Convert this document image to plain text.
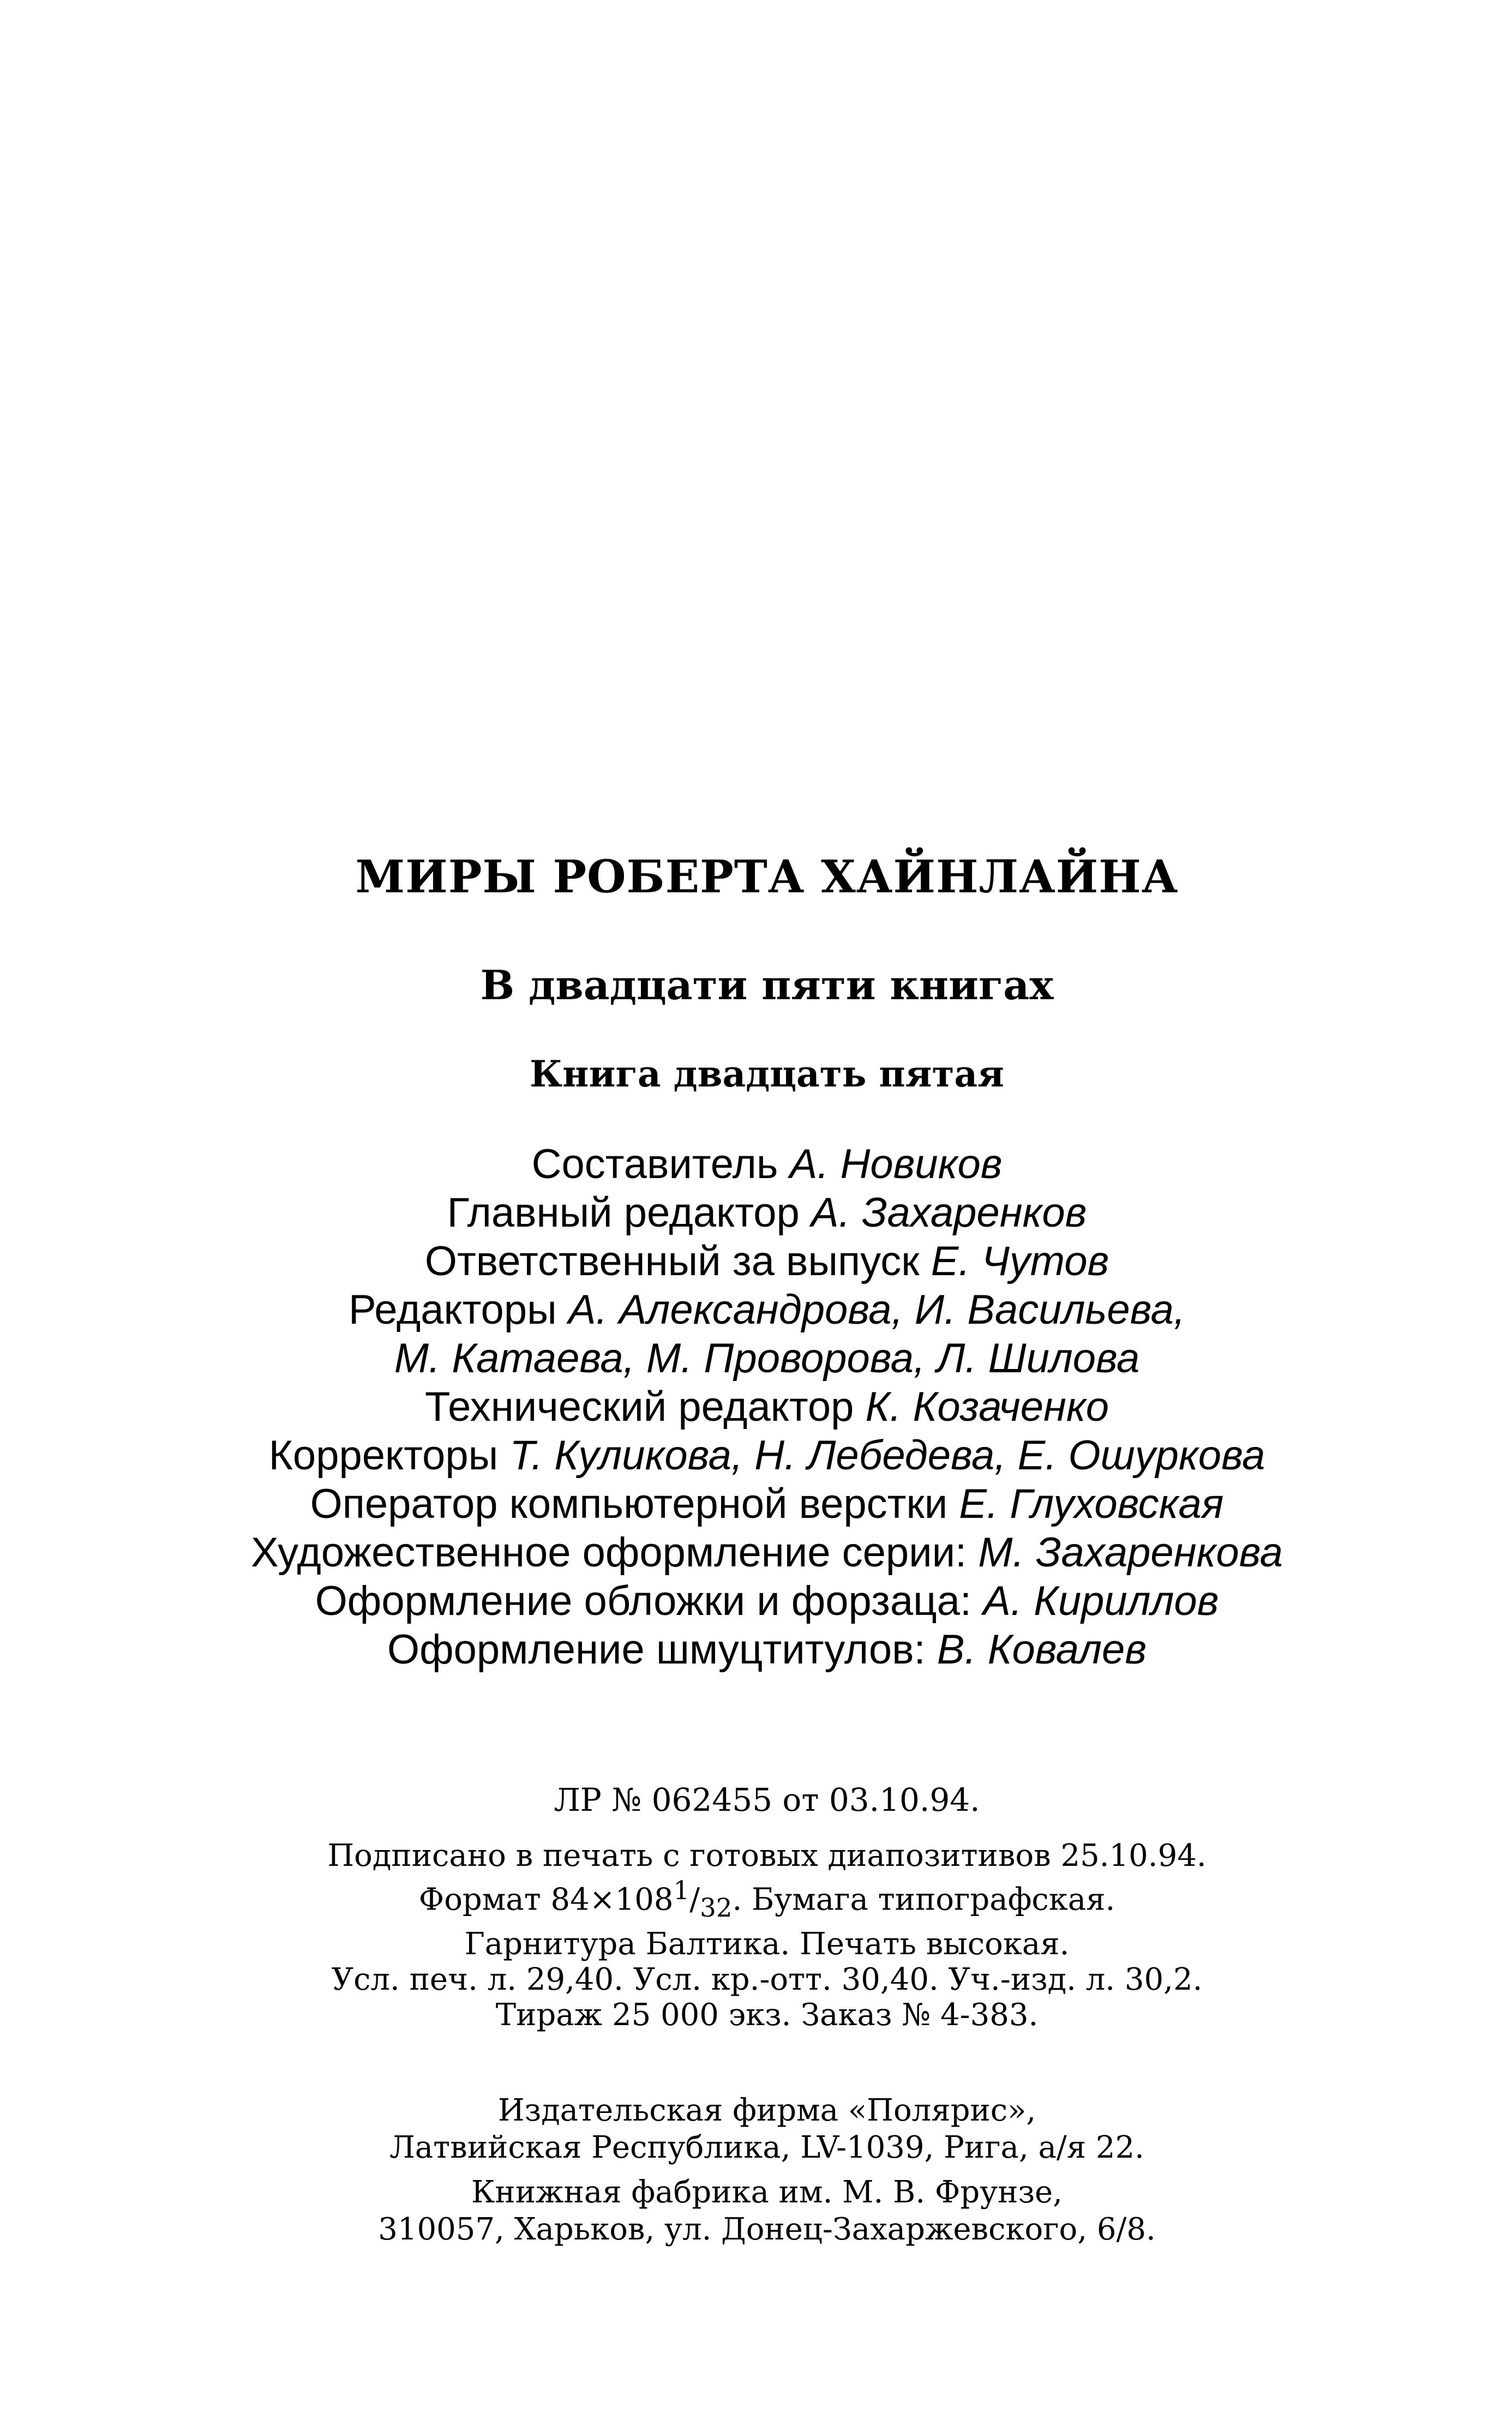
МИРЫ РОБЕРТА ХАЙНЛАЙНА
В двадцати пяти книгах
Книга двадцать пятая
Составитель А. Новиков
Главный редактор А. Захаренков
Ответственный за выпуск Е. Чутов
Редакторы А. Александрова, И. Васильева,
М. Катаева, М. Проворова, Л. Шилова
Технический редактор К. Козаченко
Корректоры Т. Куликова, Н. Лебедева, Е. Ошуркова
Оператор компьютерной верстки Е. Глуховская
Художественное оформление серии: М. Захаренкова
Оформление обложки и форзаца: А. Кириллов
Оформление шмуцтитулов: В. Ковалев
ЛР № 062455 от 03.10.94.
Подписано в печать с готовых диапозитивов 25.10.94.
Формат $84\times 108^1/_{32}$. Бумага типографская.
Гарнитура Балтика. Печать высокая.
Усл. печ. л. 29,40. Усл. кр.-отт. 30,40. Уч.-изд. л. 30,2.
Тираж 25 000 экз. Заказ № 4-383.
Издательская фирма «Полярис»,
Латвийская Республика, LV-1039, Рига, а/я 22.
Книжная фабрика им. М. В. Фрунзе,
310057, Харьков, ул. Донец-Захаржевского, 6/8.
